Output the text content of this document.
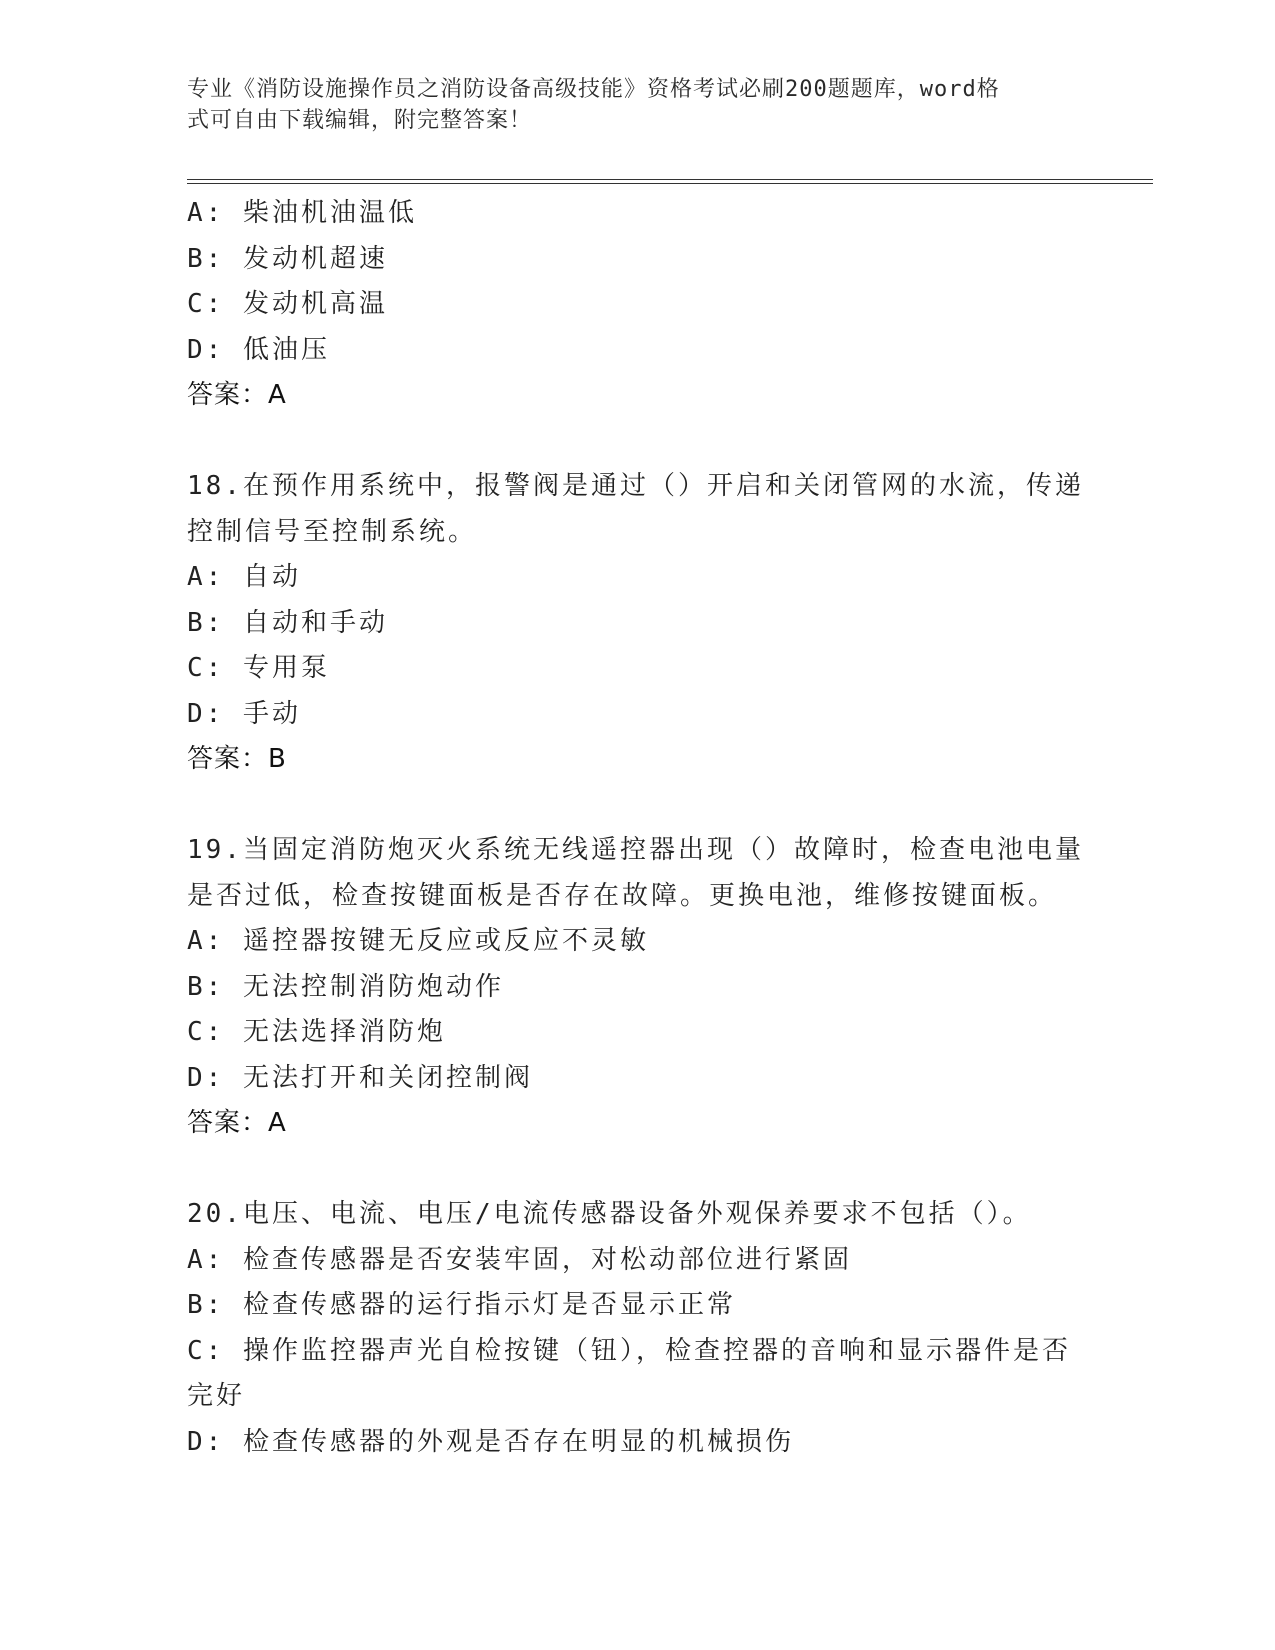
专业《消防设施操作员之消防设备高级技能》资格考试必刷200题题库，word格
式可自由下载编辑，附完整答案！
A: 柴油机油温低
B: 发动机超速
C: 发动机高温
D: 低油压
答案：A
18.在预作用系统中，报警阀是通过（）开启和关闭管网的水流，传递
控制信号至控制系统。
A: 自动
B: 自动和手动
C: 专用泵
D: 手动
答案：B
19.当固定消防炮灭火系统无线遥控器出现（）故障时，检查电池电量
是否过低，检查按键面板是否存在故障。更换电池，维修按键面板。
A: 遥控器按键无反应或反应不灵敏
B: 无法控制消防炮动作
C: 无法选择消防炮
D: 无法打开和关闭控制阀
答案：A
20.电压、电流、电压/电流传感器设备外观保养要求不包括（）。
A: 检查传感器是否安装牢固，对松动部位进行紧固
B: 检查传感器的运行指示灯是否显示正常
C: 操作监控器声光自检按键（钮），检查控器的音响和显示器件是否
完好
D: 检查传感器的外观是否存在明显的机械损伤
